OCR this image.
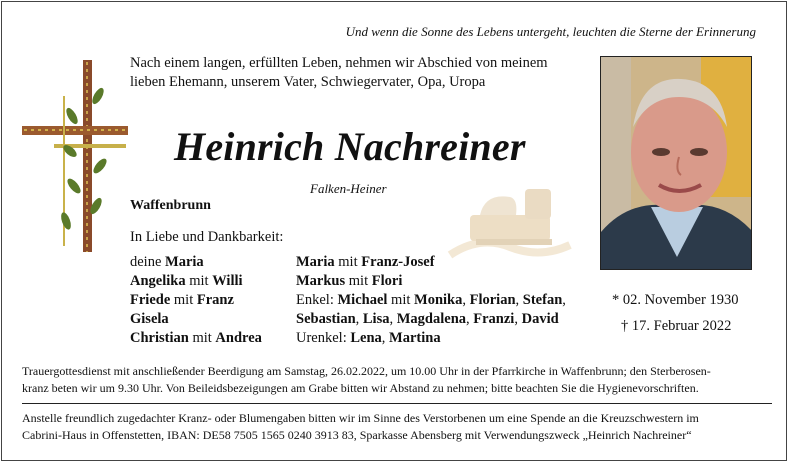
Und wenn die Sonne des Lebens untergeht, leuchten die Sterne der Erinnerung
Nach einem langen, erfüllten Leben, nehmen wir Abschied von meinem
lieben Ehemann, unserem Vater, Schwiegervater, Opa, Uropa
Heinrich Nachreiner
Falken-Heiner
Waffenbrunn
In Liebe und Dankbarkeit:
deine Maria
Angelika mit Willi
Friede mit Franz
Gisela
Christian mit Andrea
Maria mit Franz-Josef
Markus mit Flori
Enkel: Michael mit Monika, Florian, Stefan,
Sebastian, Lisa, Magdalena, Franzi, David
Urenkel: Lena, Martina
* 02. November 1930
† 17. Februar 2022
Trauergottesdienst mit anschließender Beerdigung am Samstag, 26.02.2022, um 10.00 Uhr in der Pfarrkirche in Waffenbrunn; den Sterberosen-
kranz beten wir um 9.30 Uhr. Von Beileidsbezeigungen am Grabe bitten wir Abstand zu nehmen; bitte beachten Sie die Hygienevorschriften.
Anstelle freundlich zugedachter Kranz- oder Blumengaben bitten wir im Sinne des Verstorbenen um eine Spende an die Kreuzschwestern im
Cabrini-Haus in Offenstetten, IBAN: DE58 7505 1565 0240 3913 83, Sparkasse Abensberg mit Verwendungszweck „Heinrich Nachreiner“
